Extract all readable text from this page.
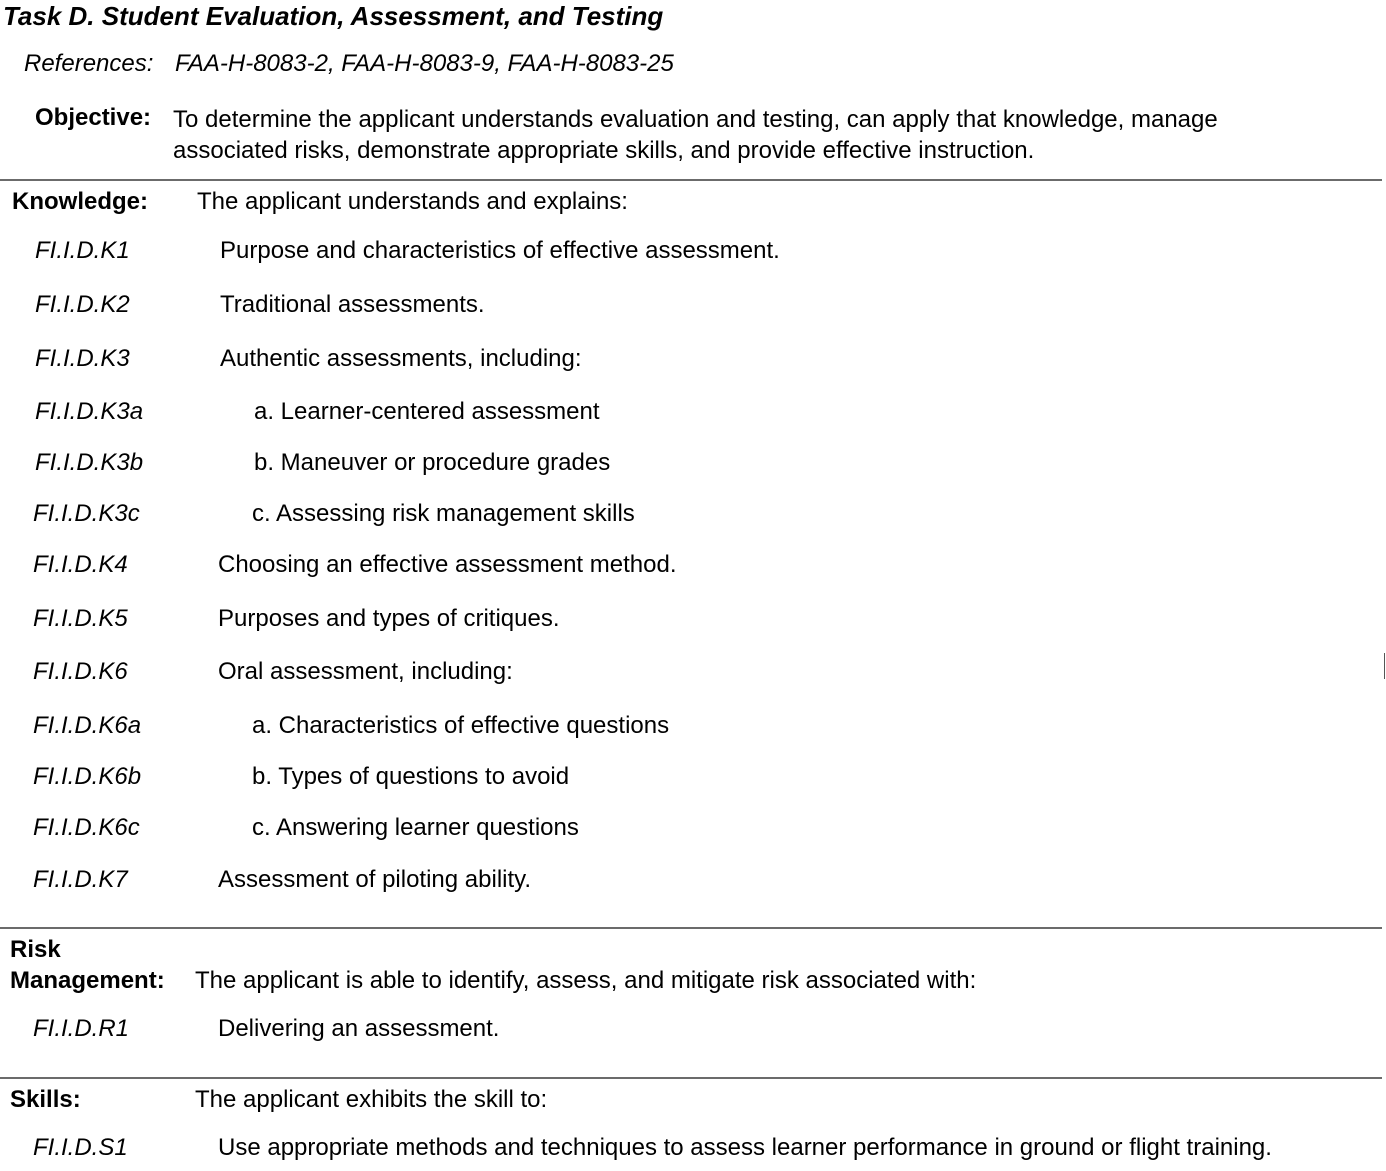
Task D. Student Evaluation, Assessment, and Testing
References: FAA-H-8083-2, FAA-H-8083-9, FAA-H-8083-25
Objective: To determine the applicant understands evaluation and testing, can apply that knowledge, manage
associated risks, demonstrate appropriate skills, and provide effective instruction.
Knowledge: The applicant understands and explains:
FI.I.D.K1	Purpose and characteristics of effective assessment.
FI.I.D.K2	Traditional assessments.
FI.I.D.K3	Authentic assessments, including:
FI.I.D.K3a	a. Learner-centered assessment
FI.I.D.K3b	b. Maneuver or procedure grades
FI.I.D.K3c	c. Assessing risk management skills
FI.I.D.K4	Choosing an effective assessment method.
FI.I.D.K5	Purposes and types of critiques.
FI.I.D.K6	Oral assessment, including:
FI.I.D.K6a	a. Characteristics of effective questions
FI.I.D.K6b	b. Types of questions to avoid
FI.I.D.K6c	c. Answering learner questions
FI.I.D.K7	Assessment of piloting ability.
Risk
Management: The applicant is able to identify, assess, and mitigate risk associated with:
FI.I.D.R1	Delivering an assessment.
Skills:	The applicant exhibits the skill to:
FI.I.D.S1	Use appropriate methods and techniques to assess learner performance in ground or flight training.
